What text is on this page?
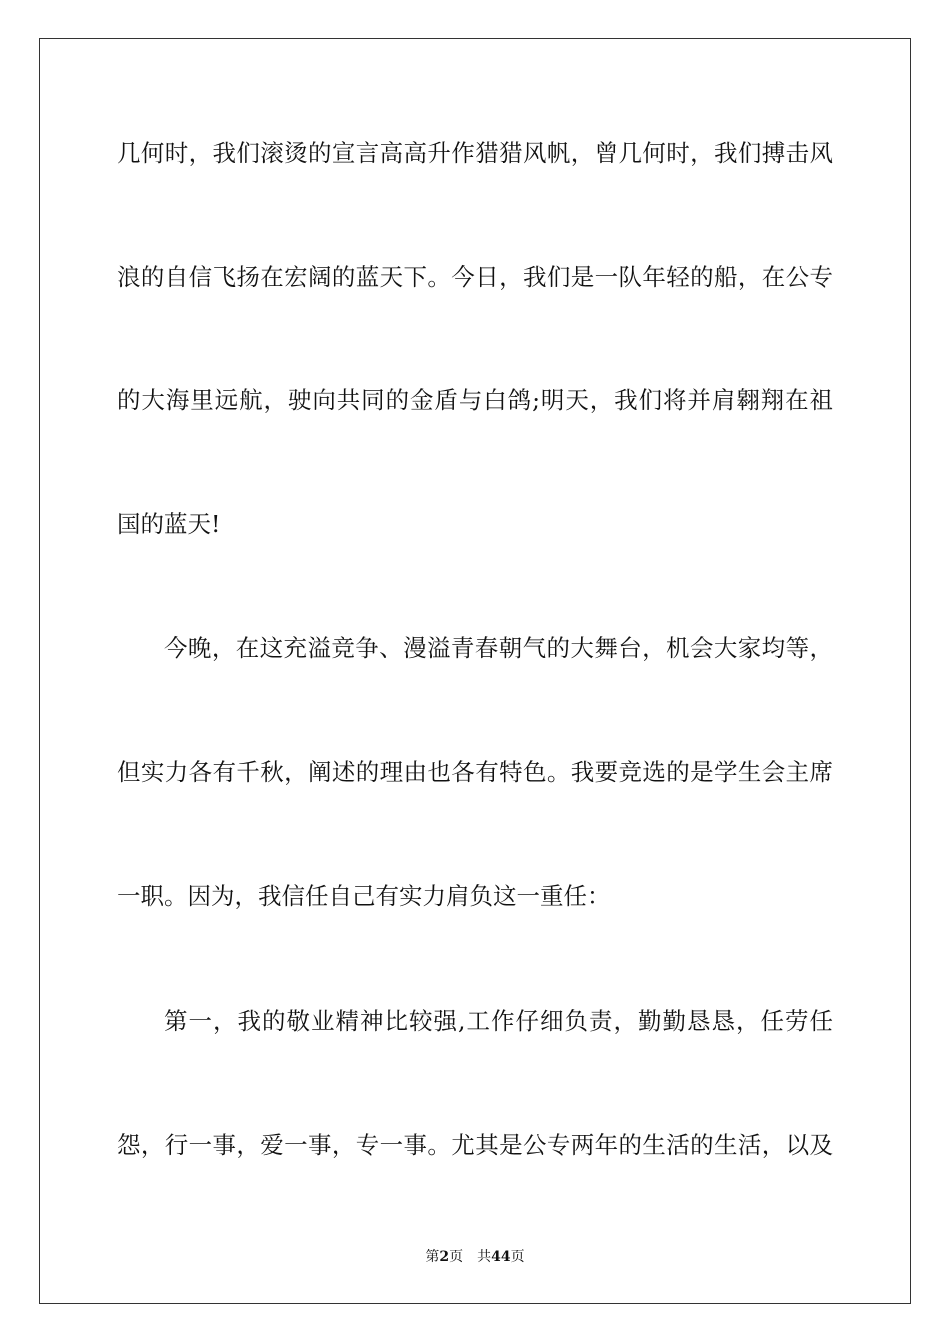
几何时，我们滚烫的宣言高高升作猎猎风帆，曾几何时，我们搏击风
浪的自信飞扬在宏阔的蓝天下。今日，我们是一队年轻的船，在公专
的大海里远航，驶向共同的金盾与白鸽;明天，我们将并肩翱翔在祖
国的蓝天!
今晚，在这充溢竞争、漫溢青春朝气的大舞台，机会大家均等，
但实力各有千秋，阐述的理由也各有特色。我要竞选的是学生会主席
一职。因为，我信任自己有实力肩负这一重任：
第一，我的敬业精神比较强,工作仔细负责，勤勤恳恳，任劳任
怨，行一事，爱一事，专一事。尤其是公专两年的生活的生活，以及
第2页 共44页
